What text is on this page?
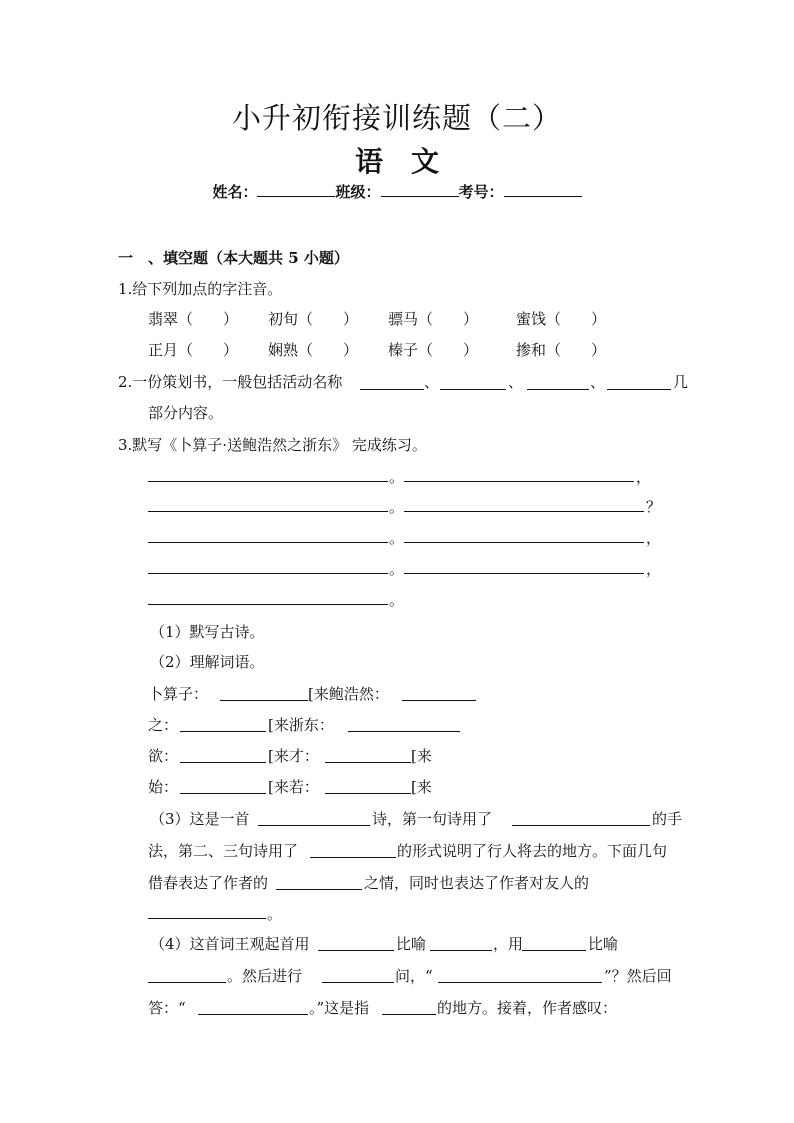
小升初衔接训练题（二）
语 文
姓名：	班级：	考号：
一　、填空题（本大题共 5 小题）
1.给下列加点的字注音。
翡翠（　　） 初旬（　　） 骠马（　　）	蜜饯（　　）
正月（　　） 娴熟（　　） 榛子（　　）	掺和（　　）
2.一份策划书，一般包括活动名称	、	、	、	几
部分内容。
3.默写《卜算子·送鲍浩然之浙东》 完成练习。
。	，
。	？
。	，
。	，
。
（1）默写古诗。
（2）理解词语。
卜算子：	[来鲍浩然：
之：	[来浙东：
欲：	[来才：	[来
始：	[来若：	[来
（3）这是一首	诗，第一句诗用了	的手
法，第二、三句诗用了	的形式说明了行人将去的地方。下面几句
借春表达了作者的	之情，同时也表达了作者对友人的
。
（4）这首词王观起首用	比喻	，用	比喻
。然后进行	问，“	”？然后回
答：“	。”这是指	的地方。接着，作者感叹：
